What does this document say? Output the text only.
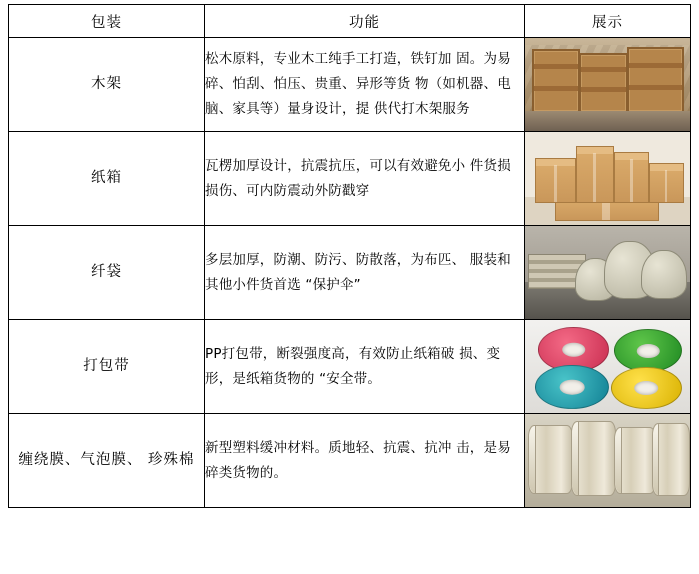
包装	功能	展示
木架	松木原料，专业木工纯手工打造，铁钉加 固。为易碎、怕刮、怕压、贵重、异形等货 物（如机器、电脑、家具等）量身设计，提 供代打木架服务	

纸箱	瓦楞加厚设计，抗震抗压，可以有效避免小 件货损损伤、可内防震动外防戳穿	

纤袋	多层加厚，防潮、防污、防散落，为布匹、 服装和其他小件货首选 “保护伞”	

打包带	PP打包带，断裂强度高，有效防止纸箱破 损、变形，是纸箱货物的 “安全带。	

缠绕膜、气泡膜、 珍殊棉	新型塑料缓冲材料。质地轻、抗震、抗冲 击，是易碎类货物的。	
